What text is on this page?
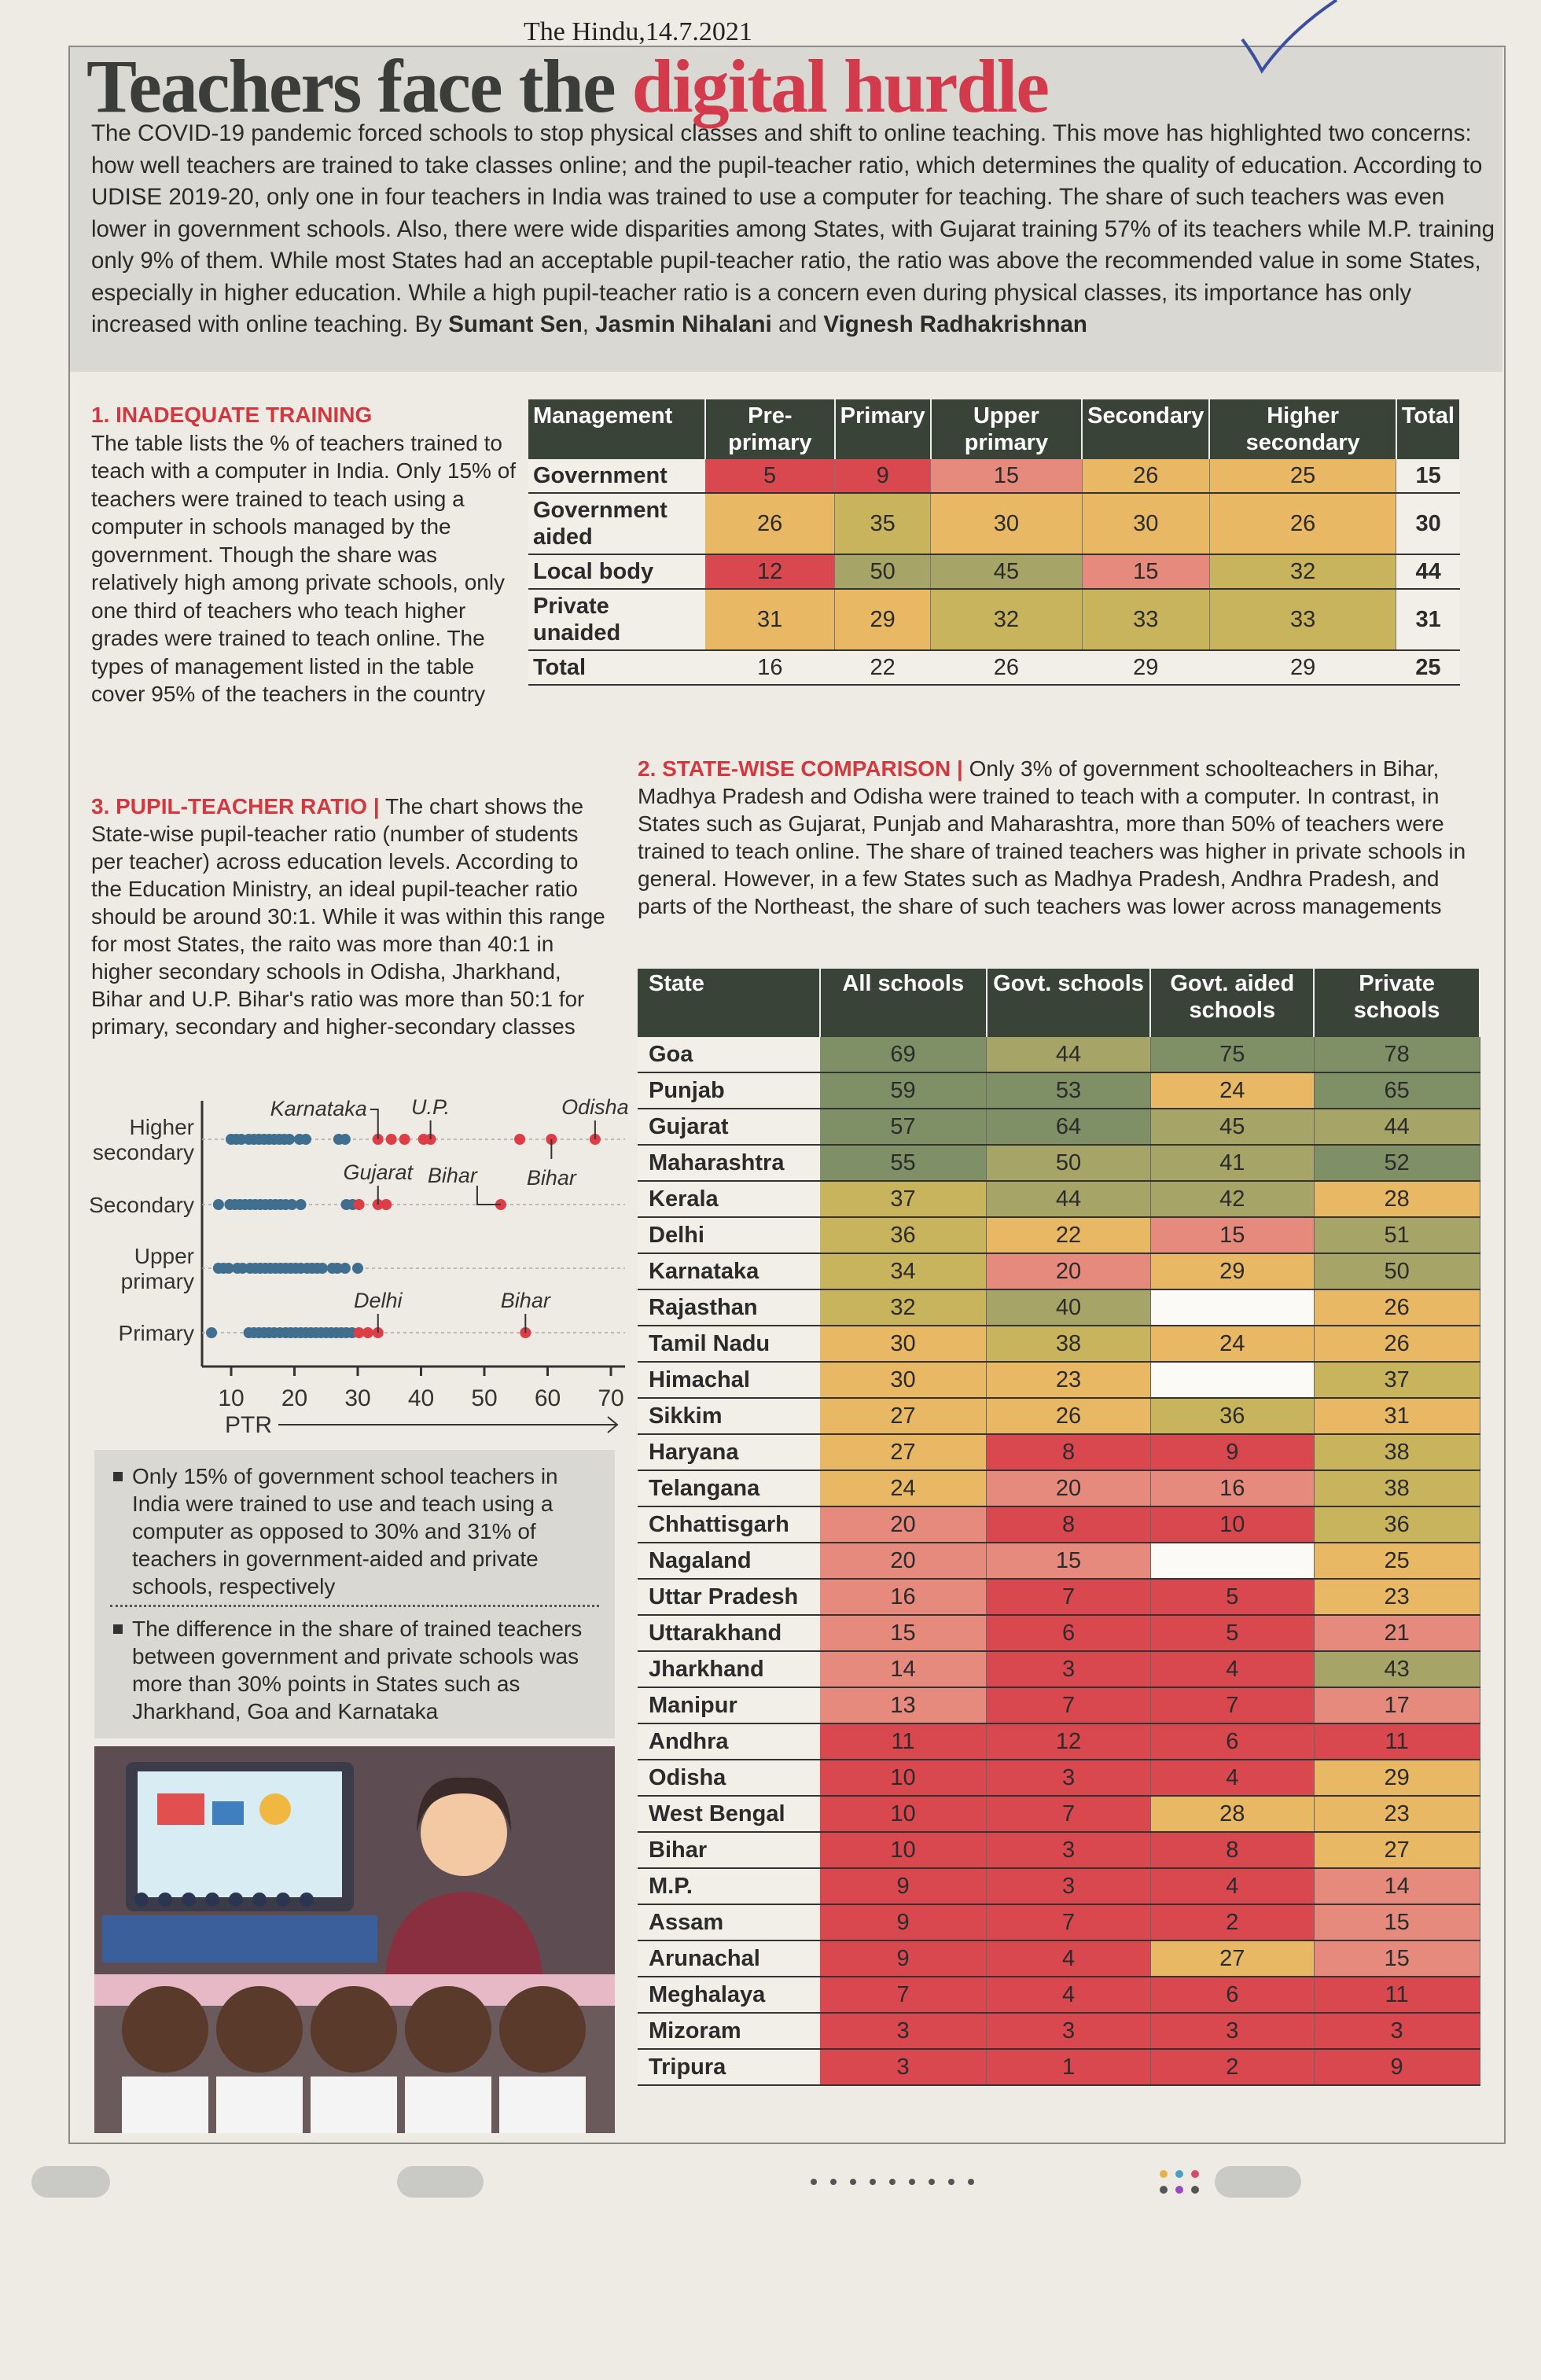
The Hindu,14.7.2021
Teachers face the digital hurdle
The COVID-19 pandemic forced schools to stop physical classes and shift to online teaching. This move has highlighted two concerns: how well teachers are trained to take classes online; and the pupil-teacher ratio, which determines the quality of education. According to UDISE 2019-20, only one in four teachers in India was trained to use a computer for teaching. The share of such teachers was even lower in government schools. Also, there were wide disparities among States, with Gujarat training 57% of its teachers while M.P. training only 9% of them. While most States had an acceptable pupil-teacher ratio, the ratio was above the recommended value in some States, especially in higher education. While a high pupil-teacher ratio is a concern even during physical classes, its importance has only increased with online teaching. By Sumant Sen, Jasmin Nihalani and Vignesh Radhakrishnan
1. INADEQUATE TRAINING
The table lists the % of teachers trained to teach with a computer in India. Only 15% of teachers were trained to teach using a computer in schools managed by the government. Though the share was relatively high among private schools, only one third of teachers who teach higher grades were trained to teach online. The types of management listed in the table cover 95% of the teachers in the country
Management	Pre-primary	Primary	Upper primary	Secondary	Higher secondary	Total
Government	5	9	15	26	25	15
Government aided	26	35	30	30	26	30
Local body	12	50	45	15	32	44
Private unaided	31	29	32	33	33	31
Total	16	22	26	29	29	25
2. STATE-WISE COMPARISON | Only 3% of government schoolteachers in Bihar, Madhya Pradesh and Odisha were trained to teach with a computer. In contrast, in States such as Gujarat, Punjab and Maharashtra, more than 50% of teachers were trained to teach online. The share of trained teachers was higher in private schools in general. However, in a few States such as Madhya Pradesh, Andhra Pradesh, and parts of the Northeast, the share of such teachers was lower across managements
State	All schools	Govt. schools	Govt. aided schools	Private schools
Goa	69	44	75	78
Punjab	59	53	24	65
Gujarat	57	64	45	44
Maharashtra	55	50	41	52
Kerala	37	44	42	28
Delhi	36	22	15	51
Karnataka	34	20	29	50
Rajasthan	32	40		26
Tamil Nadu	30	38	24	26
Himachal	30	23		37
Sikkim	27	26	36	31
Haryana	27	8	9	38
Telangana	24	20	16	38
Chhattisgarh	20	8	10	36
Nagaland	20	15		25
Uttar Pradesh	16	7	5	23
Uttarakhand	15	6	5	21
Jharkhand	14	3	4	43
Manipur	13	7	7	17
Andhra	11	12	6	11
Odisha	10	3	4	29
West Bengal	10	7	28	23
Bihar	10	3	8	27
M.P.	9	3	4	14
Assam	9	7	2	15
Arunachal	9	4	27	15
Meghalaya	7	4	6	11
Mizoram	3	3	3	3
Tripura	3	1	2	9
3. PUPIL-TEACHER RATIO | The chart shows the State-wise pupil-teacher ratio (number of students per teacher) across education levels. According to the Education Ministry, an ideal pupil-teacher ratio should be around 30:1. While it was within this range for most States, the raito was more than 40:1 in higher secondary schools in Odisha, Jharkhand, Bihar and U.P. Bihar's ratio was more than 50:1 for primary, secondary and higher-secondary classes
Higher secondary
Secondary
Upper primary
Primary
10 20 30 40 50 60 70
PTR
Karnataka U.P.
Bihar
Odisha
Gujarat Bihar
Delhi	Bihar
Only 15% of government school teachers in India were trained to use and teach using a computer as opposed to 30% and 31% of teachers in government-aided and private schools, respectively
The difference in the share of trained teachers between government and private schools was more than 30% points in States such as Jharkhand, Goa and Karnataka
